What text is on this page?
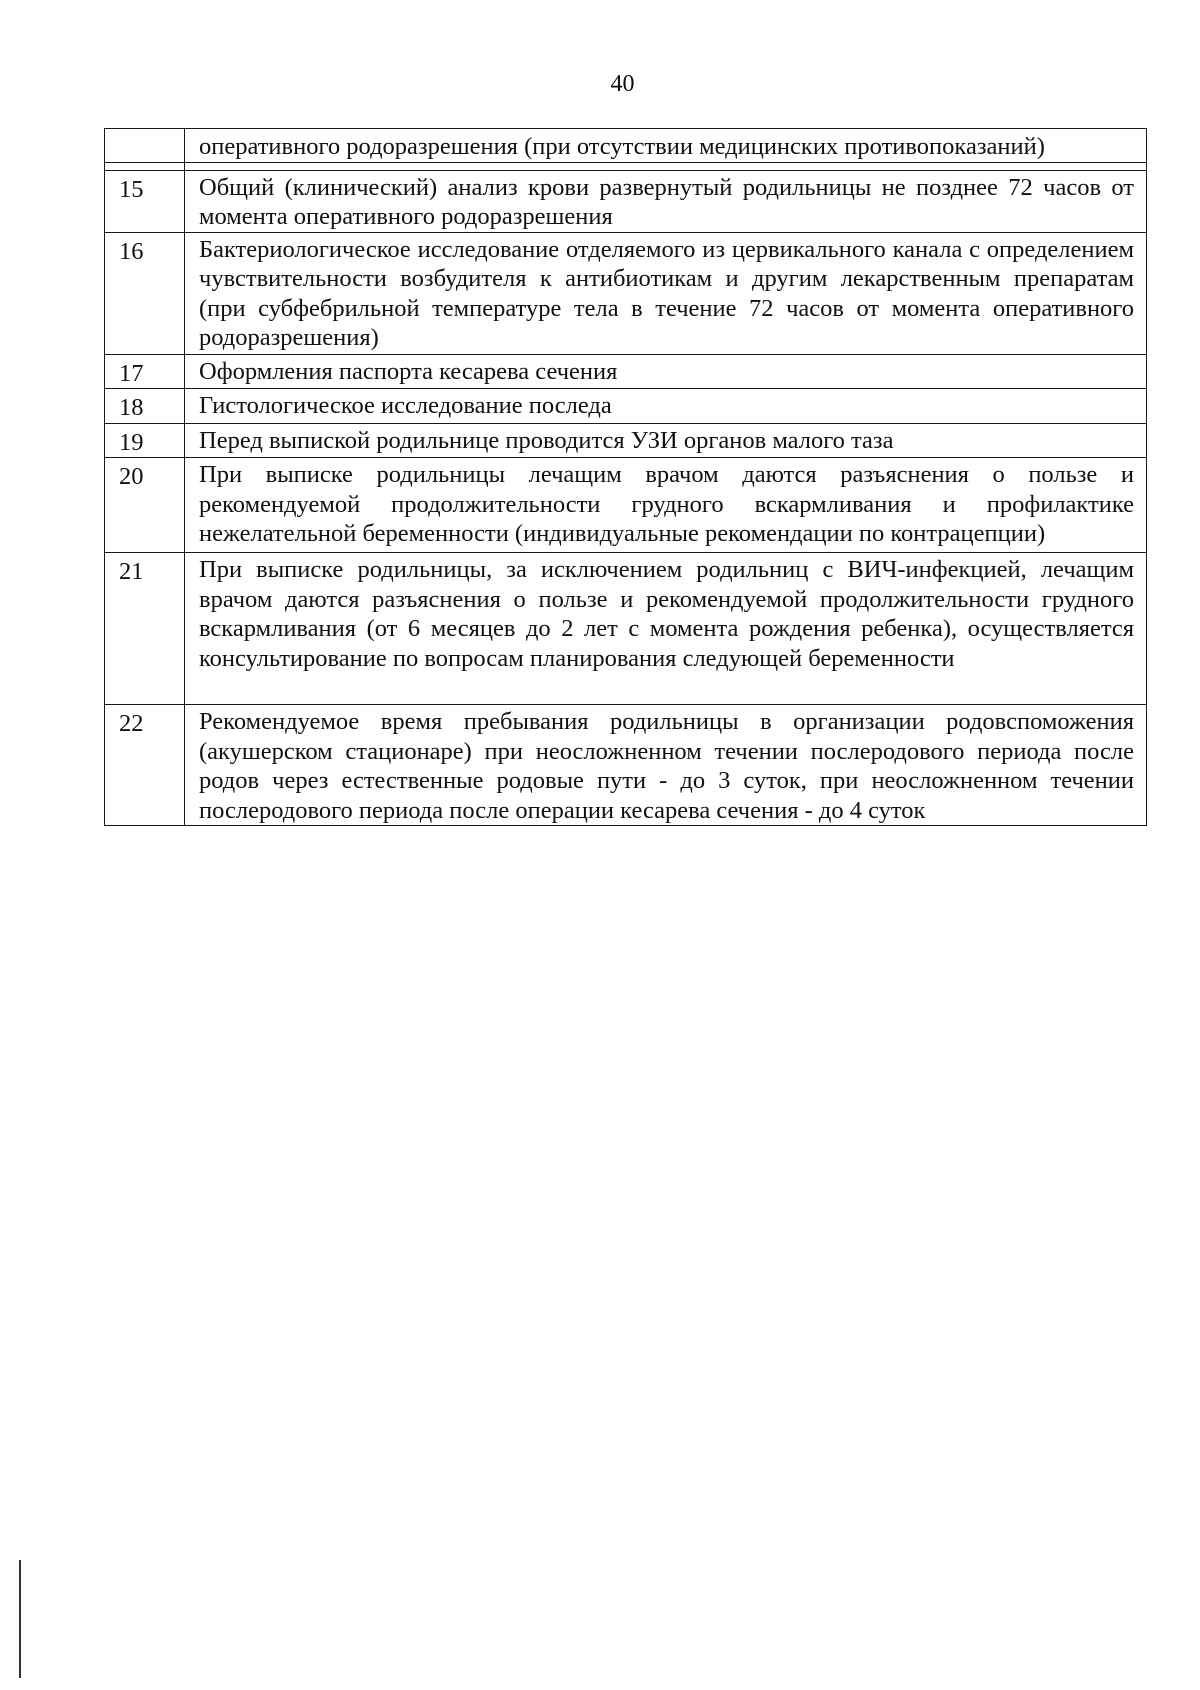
40
	оперативного родоразрешения (при отсутствии медицинских противопоказаний)

15	Общий (клинический) анализ крови развернутый родильницы не позднее 72 часов от момента оперативного родоразрешения
16	Бактериологическое исследование отделяемого из цервикального канала с определением чувствительности возбудителя к антибиотикам и другим лекарственным препаратам (при субфебрильной температуре тела в течение 72 часов от момента оперативного родоразрешения)
17	Оформления паспорта кесарева сечения
18	Гистологическое исследование последа
19	Перед выпиской родильнице проводится УЗИ органов малого таза
20	При выписке родильницы лечащим врачом даются разъяснения о пользе и рекомендуемой продолжительности грудного вскармливания и профилактике нежелательной беременности (индивидуальные рекомендации по контрацепции)
21	При выписке родильницы, за исключением родильниц с ВИЧ-инфекцией, лечащим врачом даются разъяснения о пользе и рекомендуемой продолжительности грудного вскармливания (от 6 месяцев до 2 лет с момента рождения ребенка), осуществляется консультирование по вопросам планирования следующей беременности
22	Рекомендуемое время пребывания родильницы в организации родовспоможения (акушерском стационаре) при неосложненном течении послеродового периода после родов через естественные родовые пути - до 3 суток, при неосложненном течении послеродового периода после операции кесарева сечения - до 4 суток
